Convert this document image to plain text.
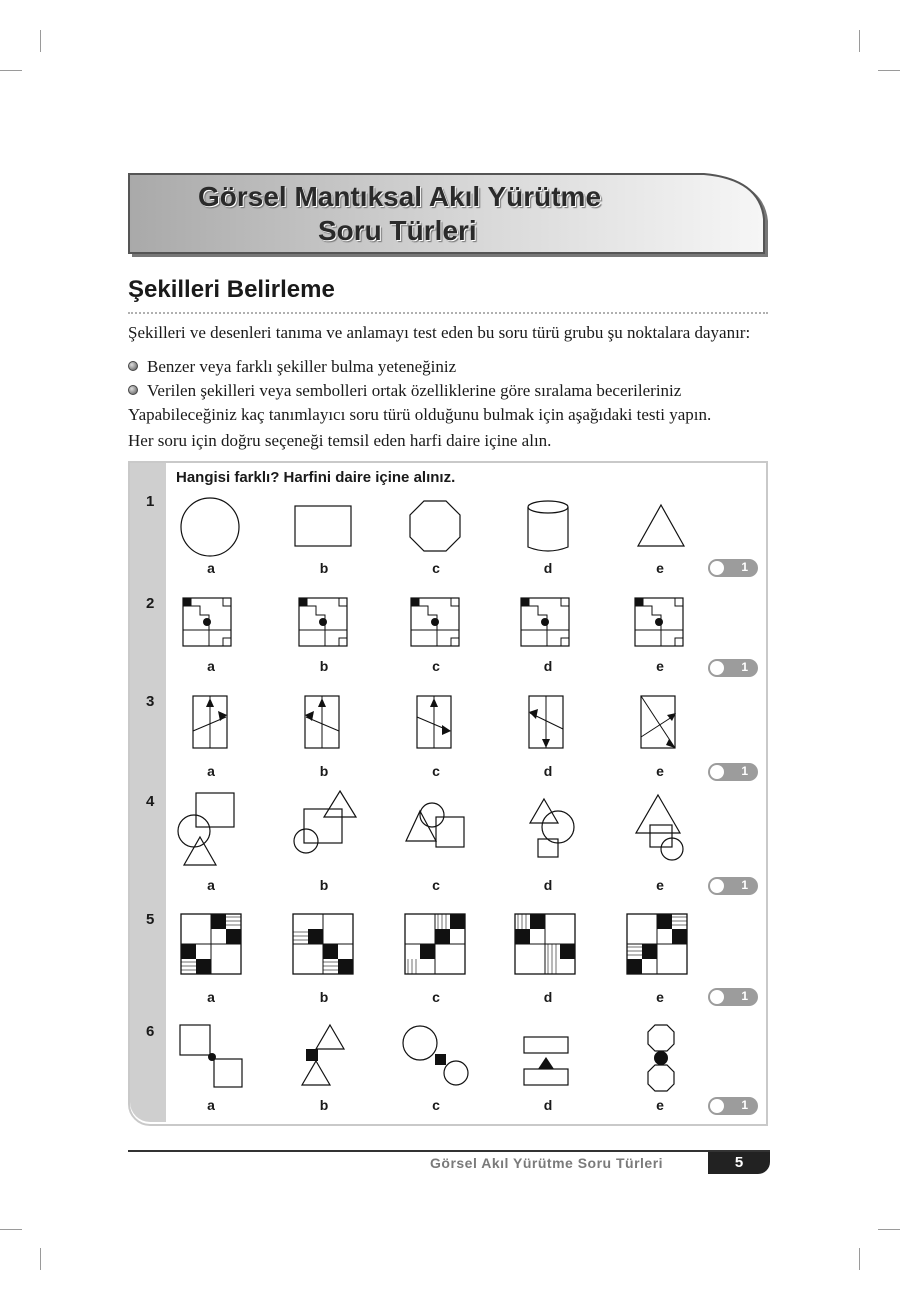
Görsel Mantıksal Akıl Yürütme
Soru Türleri
Şekilleri Belirleme
Şekilleri ve desenleri tanıma ve anlamayı test eden bu soru türü grubu şu noktalara dayanır:
Benzer veya farklı şekiller bulma yeteneğiniz
Verilen şekilleri veya sembolleri ortak özelliklerine göre sıralama becerileriniz
Yapabileceğiniz kaç tanımlayıcı soru türü olduğunu bulmak için aşağıdaki testi yapın.
Her soru için doğru seçeneği temsil eden harfi daire içine alın.
Hangisi farklı? Harfini daire içine alınız.
1
2
3
4
5
6
a	b	c	d	e
a	b	c	d	e
a	b	c	d	e
a	b	c	d	e
a	b	c	d	e
a	b	c	d	e
1
1
1
1
1
1
Görsel Akıl Yürütme Soru Türleri	5
